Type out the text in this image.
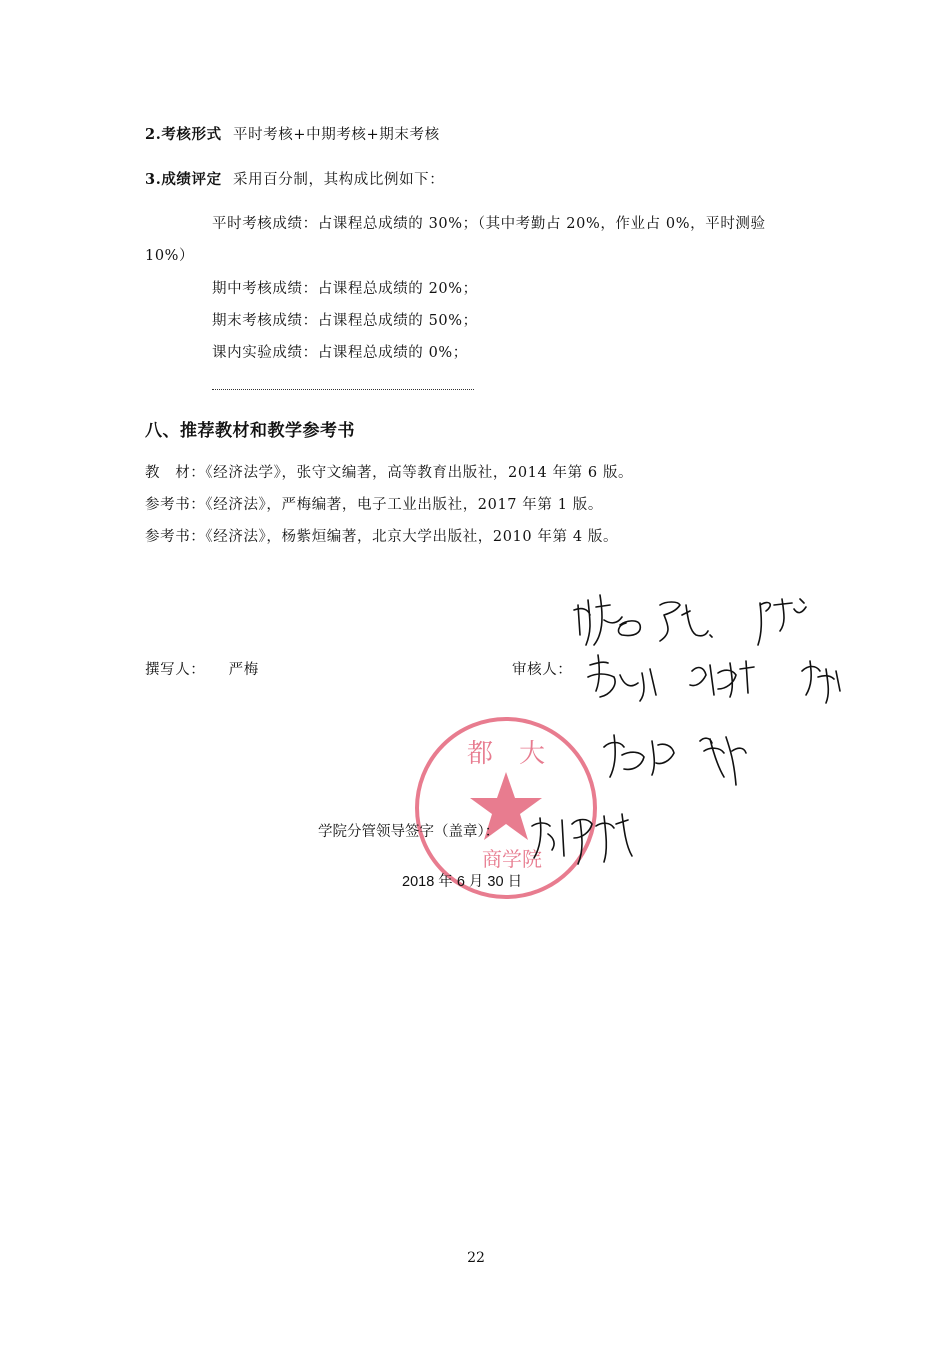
2.考核形式 平时考核+中期考核+期末考核
3.成绩评定 采用百分制，其构成比例如下：
平时考核成绩：占课程总成绩的 30%；（其中考勤占 20%，作业占 0%，平时测验
10%）
期中考核成绩：占课程总成绩的 20%；
期末考核成绩：占课程总成绩的 50%；
课内实验成绩：占课程总成绩的 0%；
八、推荐教材和教学参考书
教　材：《经济法学》，张守文编著，高等教育出版社，2014 年第 6 版。
参考书：《经济法》，严梅编著，电子工业出版社，2017 年第 1 版。
参考书：《经济法》，杨紫烜编著，北京大学出版社，2010 年第 4 版。
撰写人： 严梅	审核人：
都　大
商学院
学院分管领导签字（盖章）：
2018 年 6 月 30 日
22
